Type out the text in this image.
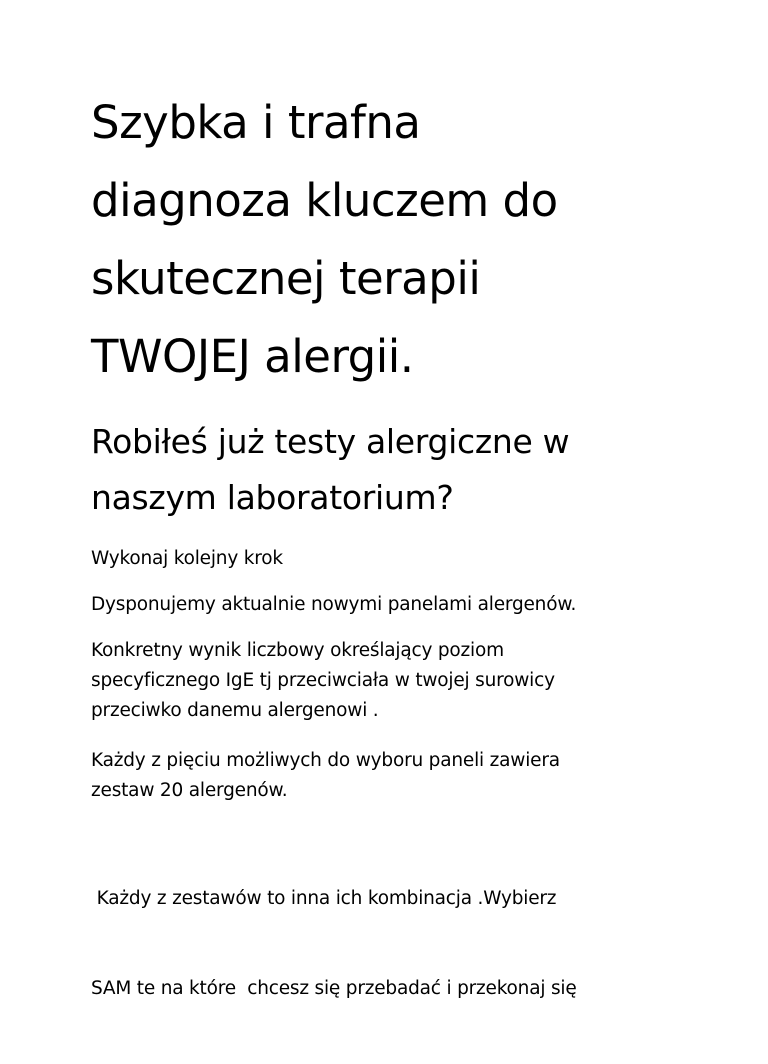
Szybka i trafna
diagnoza kluczem do
skutecznej terapii
TWOJEJ alergii.
Robiłeś już testy alergiczne w
naszym laboratorium?

Wykonaj kolejny krok

Dysponujemy aktualnie nowymi panelami alergenów.

Konkretny wynik liczbowy określający poziom
specyficznego IgE tj przeciwciała w twojej surowicy
przeciwko danemu alergenowi .

Każdy z pięciu możliwych do wyboru paneli zawiera
zestaw 20 alergenów.

Każdy z zestawów to inna ich kombinacja .Wybierz

SAM te na które  chcesz się przebadać i przekonaj się
